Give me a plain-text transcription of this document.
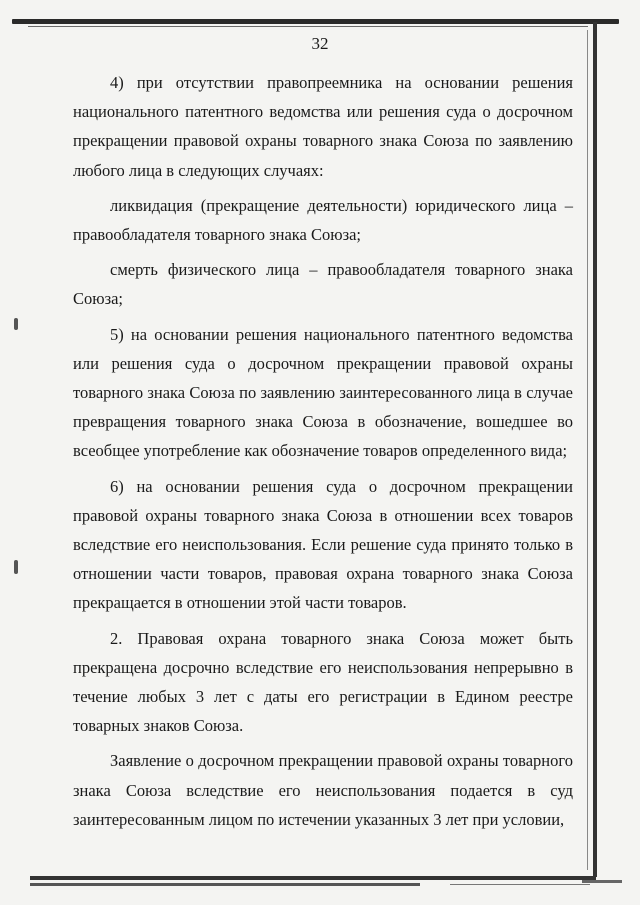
32

4) при отсутствии правопреемника на основании решения национального патентного ведомства или решения суда о досрочном прекращении правовой охраны товарного знака Союза по заявлению любого лица в следующих случаях:

ликвидация (прекращение деятельности) юридического лица – правообладателя товарного знака Союза;

смерть физического лица – правообладателя товарного знака Союза;

5) на основании решения национального патентного ведомства или решения суда о досрочном прекращении правовой охраны товарного знака Союза по заявлению заинтересованного лица в случае превращения товарного знака Союза в обозначение, вошедшее во всеобщее употребление как обозначение товаров определенного вида;

6) на основании решения суда о досрочном прекращении правовой охраны товарного знака Союза в отношении всех товаров вследствие его неиспользования. Если решение суда принято только в отношении части товаров, правовая охрана товарного знака Союза прекращается в отношении этой части товаров.

2. Правовая охрана товарного знака Союза может быть прекращена досрочно вследствие его неиспользования непрерывно в течение любых 3 лет с даты его регистрации в Едином реестре товарных знаков Союза.

Заявление о досрочном прекращении правовой охраны товарного знака Союза вследствие его неиспользования подается в суд заинтересованным лицом по истечении указанных 3 лет при условии,
